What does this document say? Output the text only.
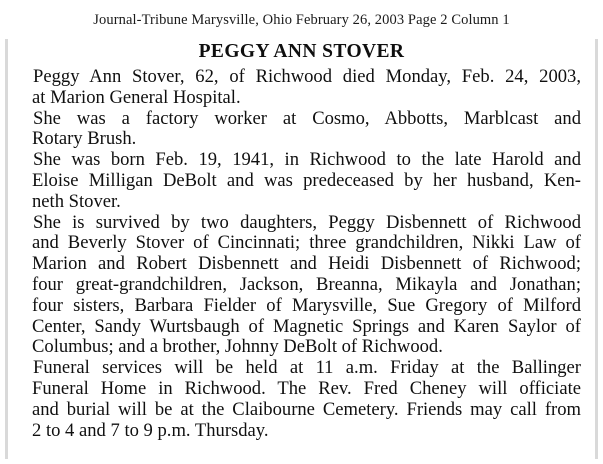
Journal-Tribune Marysville, Ohio February 26, 2003 Page 2 Column 1
PEGGY ANN STOVER
Peggy Ann Stover, 62, of Richwood died Monday, Feb. 24, 2003,
at Marion General Hospital.
She was a factory worker at Cosmo, Abbotts, Marblcast and
Rotary Brush.
She was born Feb. 19, 1941, in Richwood to the late Harold and
Eloise Milligan DeBolt and was predeceased by her husband, Ken-
neth Stover.
She is survived by two daughters, Peggy Disbennett of Richwood
and Beverly Stover of Cincinnati; three grandchildren, Nikki Law of
Marion and Robert Disbennett and Heidi Disbennett of Richwood;
four great-grandchildren, Jackson, Breanna, Mikayla and Jonathan;
four sisters, Barbara Fielder of Marysville, Sue Gregory of Milford
Center, Sandy Wurtsbaugh of Magnetic Springs and Karen Saylor of
Columbus; and a brother, Johnny DeBolt of Richwood.
Funeral services will be held at 11 a.m. Friday at the Ballinger
Funeral Home in Richwood. The Rev. Fred Cheney will officiate
and burial will be at the Claibourne Cemetery. Friends may call from
2 to 4 and 7 to 9 p.m. Thursday.
